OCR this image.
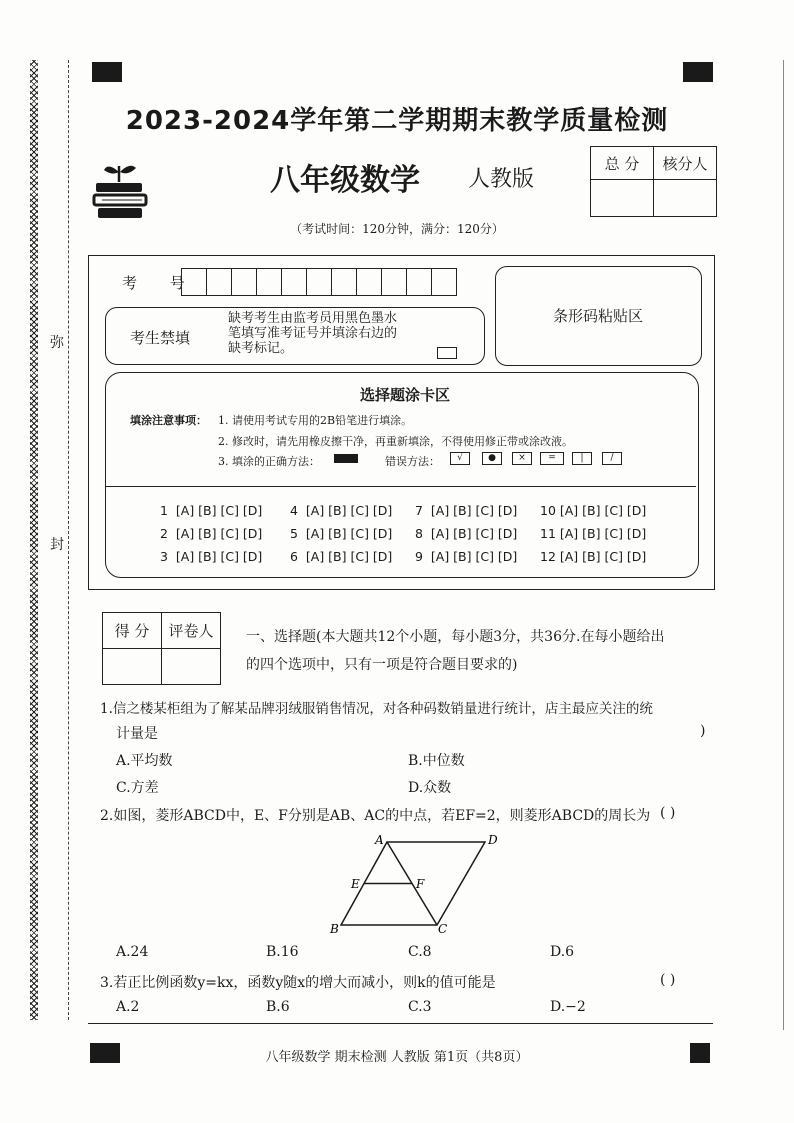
弥
封
2023-2024学年第二学期期末教学质量检测
八年级数学 人教版
总 分	核分人

（考试时间：120分钟，满分：120分）
考 号
考生禁填
缺考考生由监考员用黑色墨水
笔填写准考证号并填涂右边的
缺考标记。
条形码粘贴区
选择题涂卡区
填涂注意事项： 1. 请使用考试专用的2B铅笔进行填涂。
2. 修改时，请先用橡皮擦干净，再重新填涂，不得使用修正带或涂改液。
3. 填涂的正确方法：	错误方法：	√	●	×	=	|	/
1  [A] [B] [C] [D]
2  [A] [B] [C] [D]
3  [A] [B] [C] [D]
4  [A] [B] [C] [D]
5  [A] [B] [C] [D]
6  [A] [B] [C] [D]
7  [A] [B] [C] [D]
8  [A] [B] [C] [D]
9  [A] [B] [C] [D]
10 [A] [B] [C] [D]
11 [A] [B] [C] [D]
12 [A] [B] [C] [D]
得 分	评卷人
	一、选择题(本大题共12个小题，每小题3分，共36分.在每小题给出
的四个选项中，只有一项是符合题目要求的)
1.信之楼某柜组为了解某品牌羽绒服销售情况，对各种码数销量进行统计，店主最应关注的统
计量是	)
A.平均数	B.中位数
C.方差	D.众数
2.如图，菱形ABCD中，E、F分别是AB、AC的中点，若EF=2，则菱形ABCD的周长为 ( )
A	D
E	F
B	C
A.24	B.16	C.8	D.6
3.若正比例函数y=kx，函数y随x的增大而减小，则k的值可能是	( )
A.2	B.6	C.3	D.−2
八年级数学 期末检测 人教版 第1页（共8页）
